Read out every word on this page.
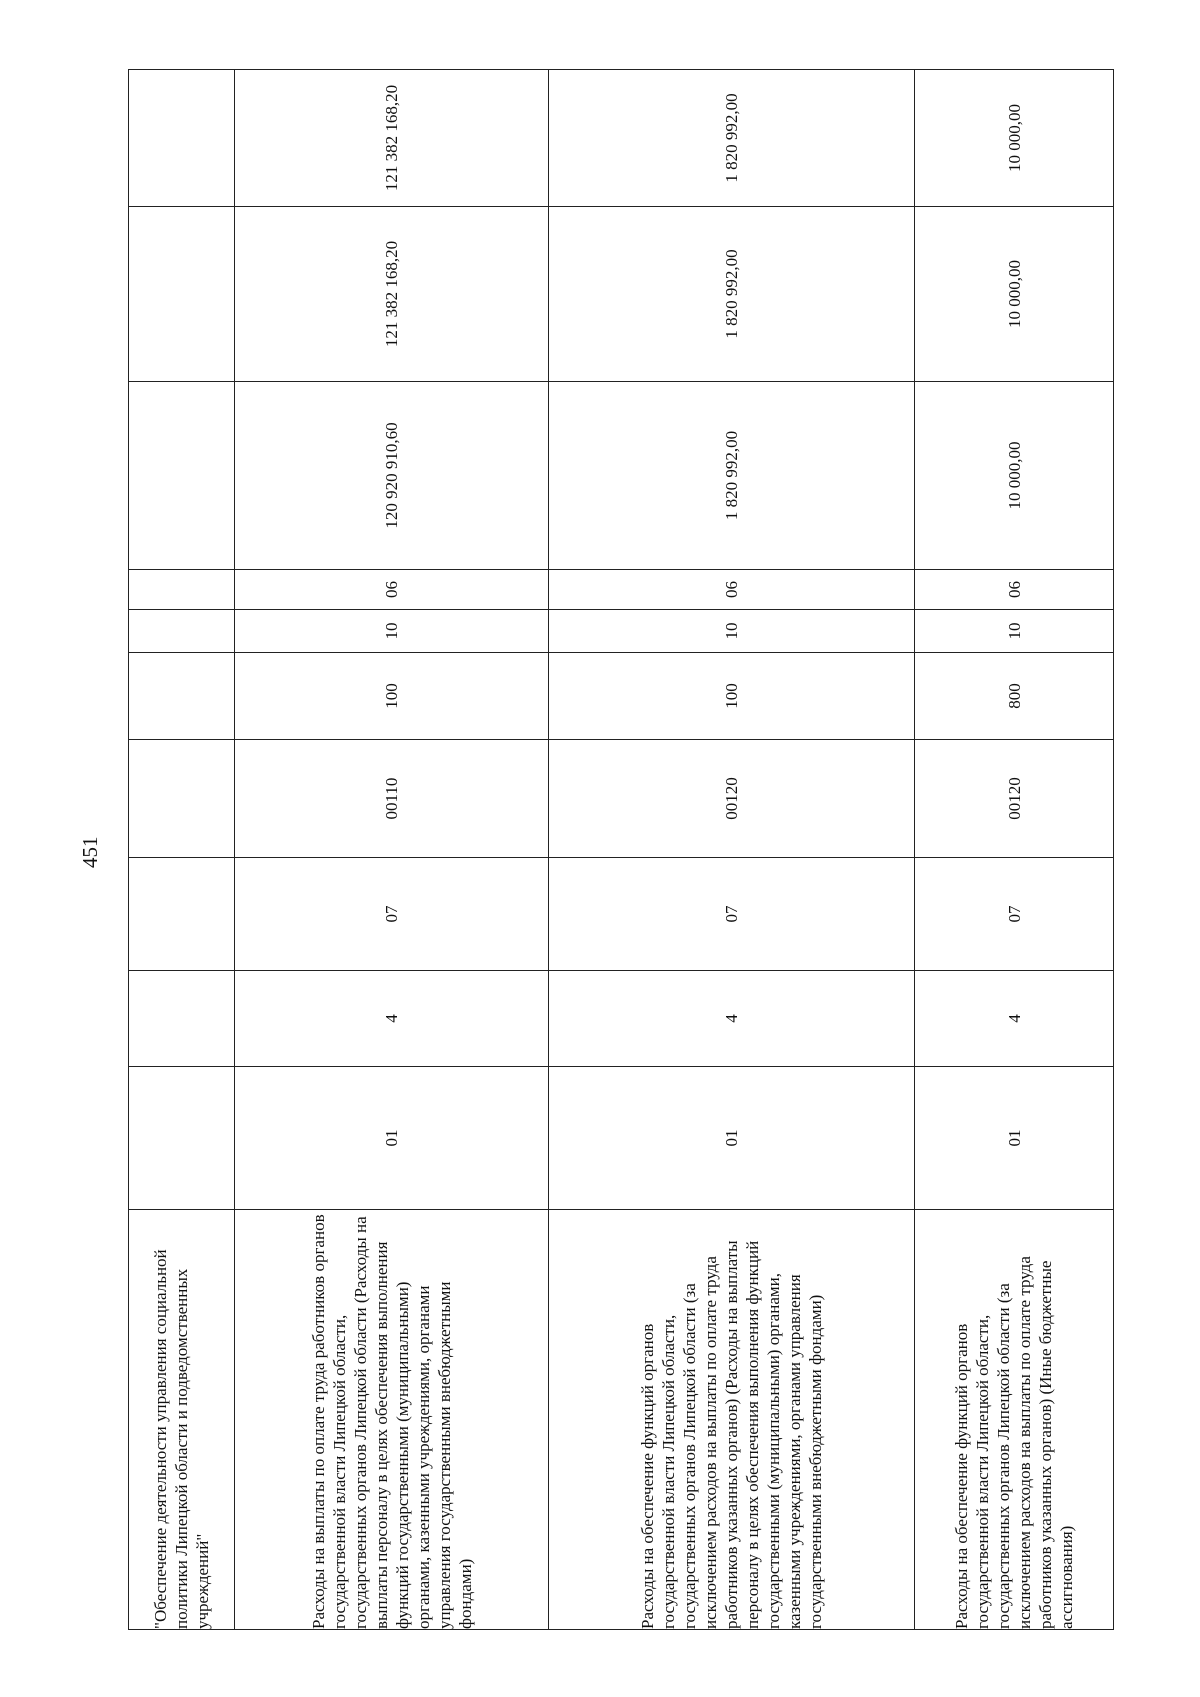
451
"Обеспечение деятельности управления социальной политики Липецкой области и подведомственных учреждений"										
Расходы на выплаты по оплате труда работников органов государственной власти Липецкой области, государственных органов Липецкой области (Расходы на выплаты персоналу в целях обеспечения выполнения функций государственными (муниципальными) органами, казенными учреждениями, органами управления государственными внебюджетными фондами)	01	4	07	00110	100	10	06	120 920 910,60	121 382 168,20	121 382 168,20
Расходы на обеспечение функций органов государственной власти Липецкой области, государственных органов Липецкой области (за исключением расходов на выплаты по оплате труда работников указанных органов) (Расходы на выплаты персоналу в целях обеспечения выполнения функций государственными (муниципальными) органами, казенными учреждениями, органами управления государственными внебюджетными фондами)	01	4	07	00120	100	10	06	1 820 992,00	1 820 992,00	1 820 992,00
Расходы на обеспечение функций органов государственной власти Липецкой области, государственных органов Липецкой области (за исключением расходов на выплаты по оплате труда работников указанных органов) (Иные бюджетные ассигнования)	01	4	07	00120	800	10	06	10 000,00	10 000,00	10 000,00
